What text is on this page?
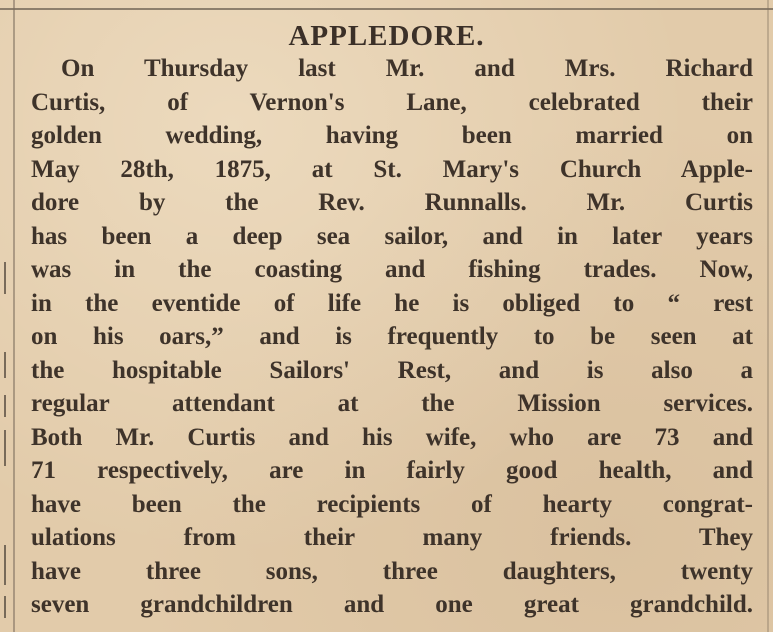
APPLEDORE.
On Thursday last Mr. and Mrs. Richard
Curtis, of Vernon's Lane, celebrated their
golden wedding, having been married on
May 28th, 1875, at St. Mary's Church Apple-
dore by the Rev. Runnalls. Mr. Curtis
has been a deep sea sailor, and in later years
was in the coasting and fishing trades. Now,
in the eventide of life he is obliged to “ rest
on his oars,” and is frequently to be seen at
the hospitable Sailors' Rest, and is also a
regular attendant at the Mission services.
Both Mr. Curtis and his wife, who are 73 and
71 respectively, are in fairly good health, and
have been the recipients of hearty congrat-
ulations from their many friends. They
have three sons, three daughters, twenty
seven grandchildren and one great grandchild.
